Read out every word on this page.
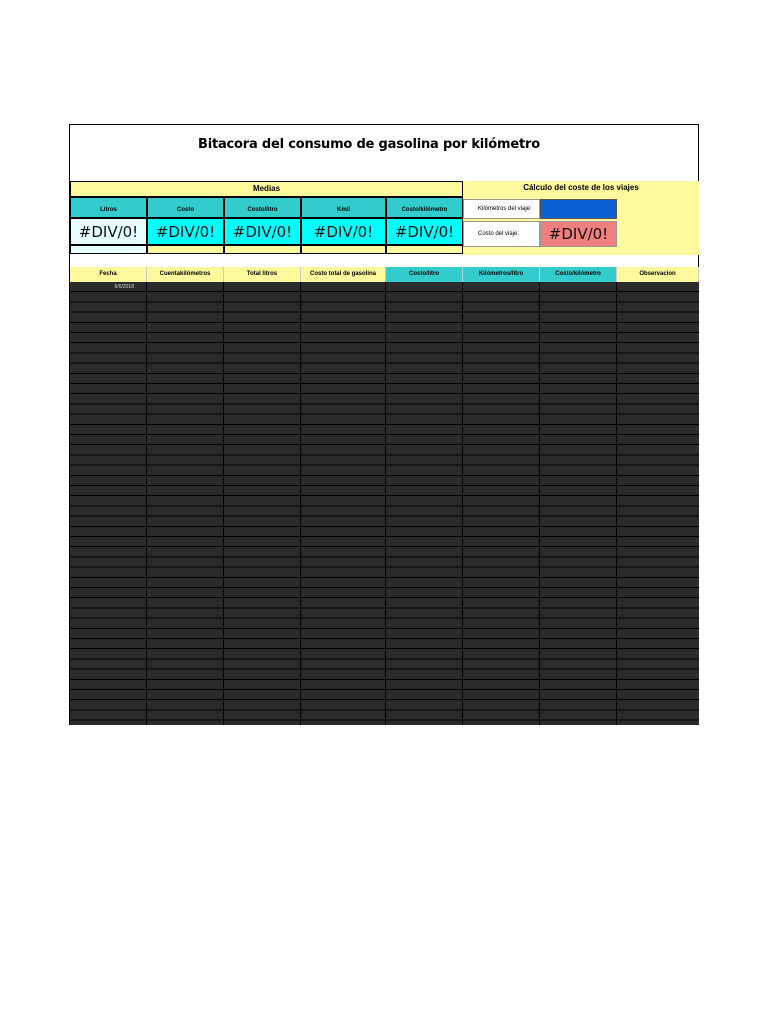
Bitacora del consumo de gasolina por kilómetro
Medias
Litros	Costo	Costo/litro	Km/l	Costo/kilómetro
#DIV/0!	#DIV/0!	#DIV/0!	#DIV/0!	#DIV/0!
Cálculo del coste de los viajes
Kilómetros del viaje:
Costo del viaje:	#DIV/0!
Fecha	Cuentakilómetros	Total litros	Costo total de gasolina	Costo/litro	Kilómetros/litro	Costo/kilómetro	Observacion
6/6/2018
